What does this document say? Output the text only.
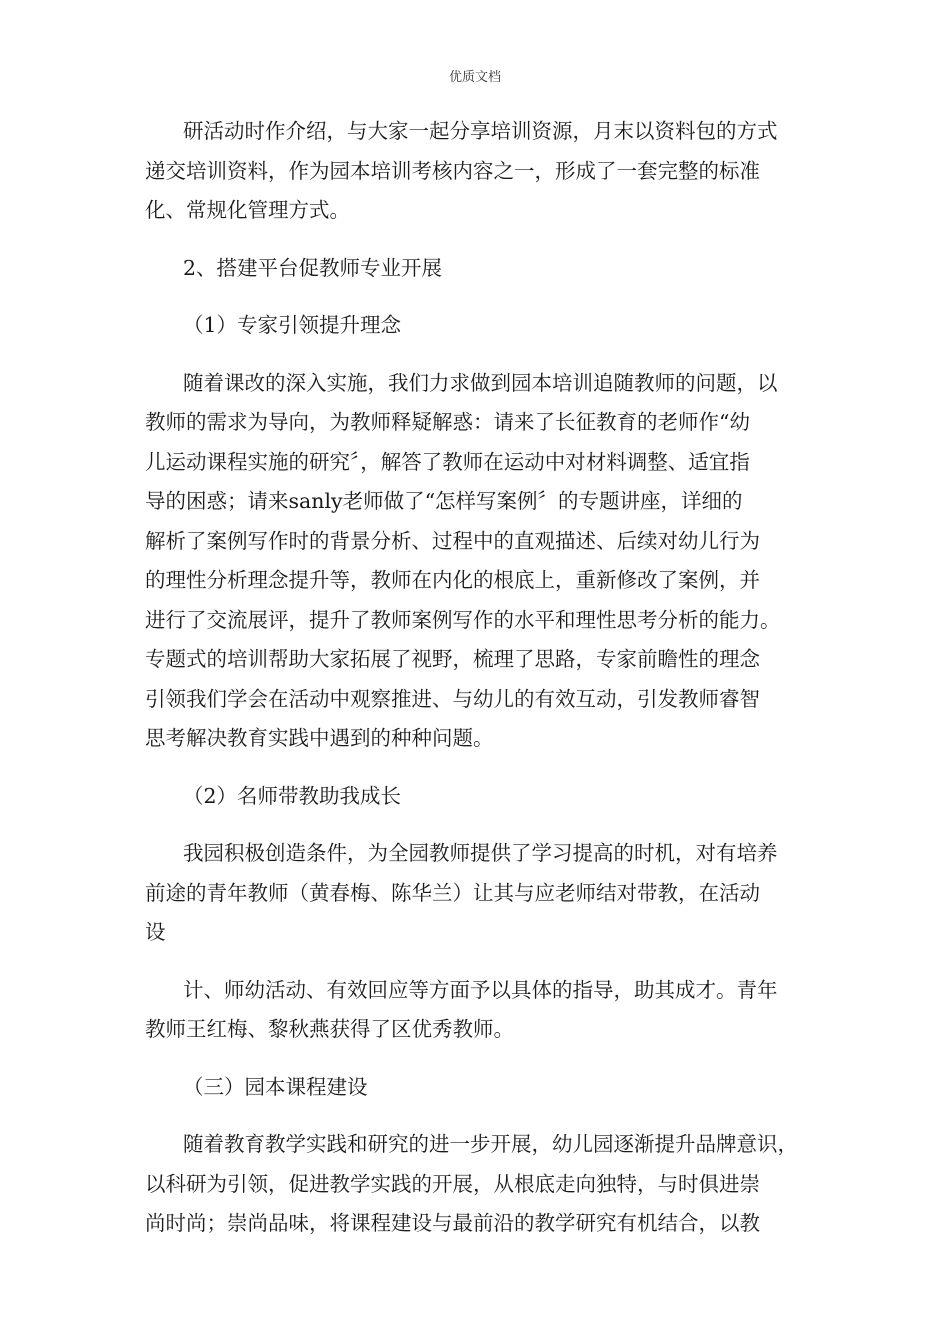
优质文档
研活动时作介绍，与大家一起分享培训资源，月末以资料包的方式
递交培训资料，作为园本培训考核内容之一，形成了一套完整的标准
化、常规化管理方式。
2、搭建平台促教师专业开展
（1）专家引领提升理念
随着课改的深入实施，我们力求做到园本培训追随教师的问题，以
教师的需求为导向，为教师释疑解惑：请来了长征教育的老师作“幼
儿运动课程实施的研究〞，解答了教师在运动中对材料调整、适宜指
导的困惑；请来sanly老师做了“怎样写案例〞的专题讲座，详细的
解析了案例写作时的背景分析、过程中的直观描述、后续对幼儿行为
的理性分析理念提升等，教师在内化的根底上，重新修改了案例，并
进行了交流展评，提升了教师案例写作的水平和理性思考分析的能力。
专题式的培训帮助大家拓展了视野，梳理了思路，专家前瞻性的理念
引领我们学会在活动中观察推进、与幼儿的有效互动，引发教师睿智
思考解决教育实践中遇到的种种问题。
（2）名师带教助我成长
我园积极创造条件，为全园教师提供了学习提高的时机，对有培养
前途的青年教师（黄春梅、陈华兰）让其与应老师结对带教，在活动
设
计、师幼活动、有效回应等方面予以具体的指导，助其成才。青年
教师王红梅、黎秋燕获得了区优秀教师。
（三）园本课程建设
随着教育教学实践和研究的进一步开展，幼儿园逐渐提升品牌意识，
以科研为引领，促进教学实践的开展，从根底走向独特，与时俱进崇
尚时尚；崇尚品味，将课程建设与最前沿的教学研究有机结合，以教
